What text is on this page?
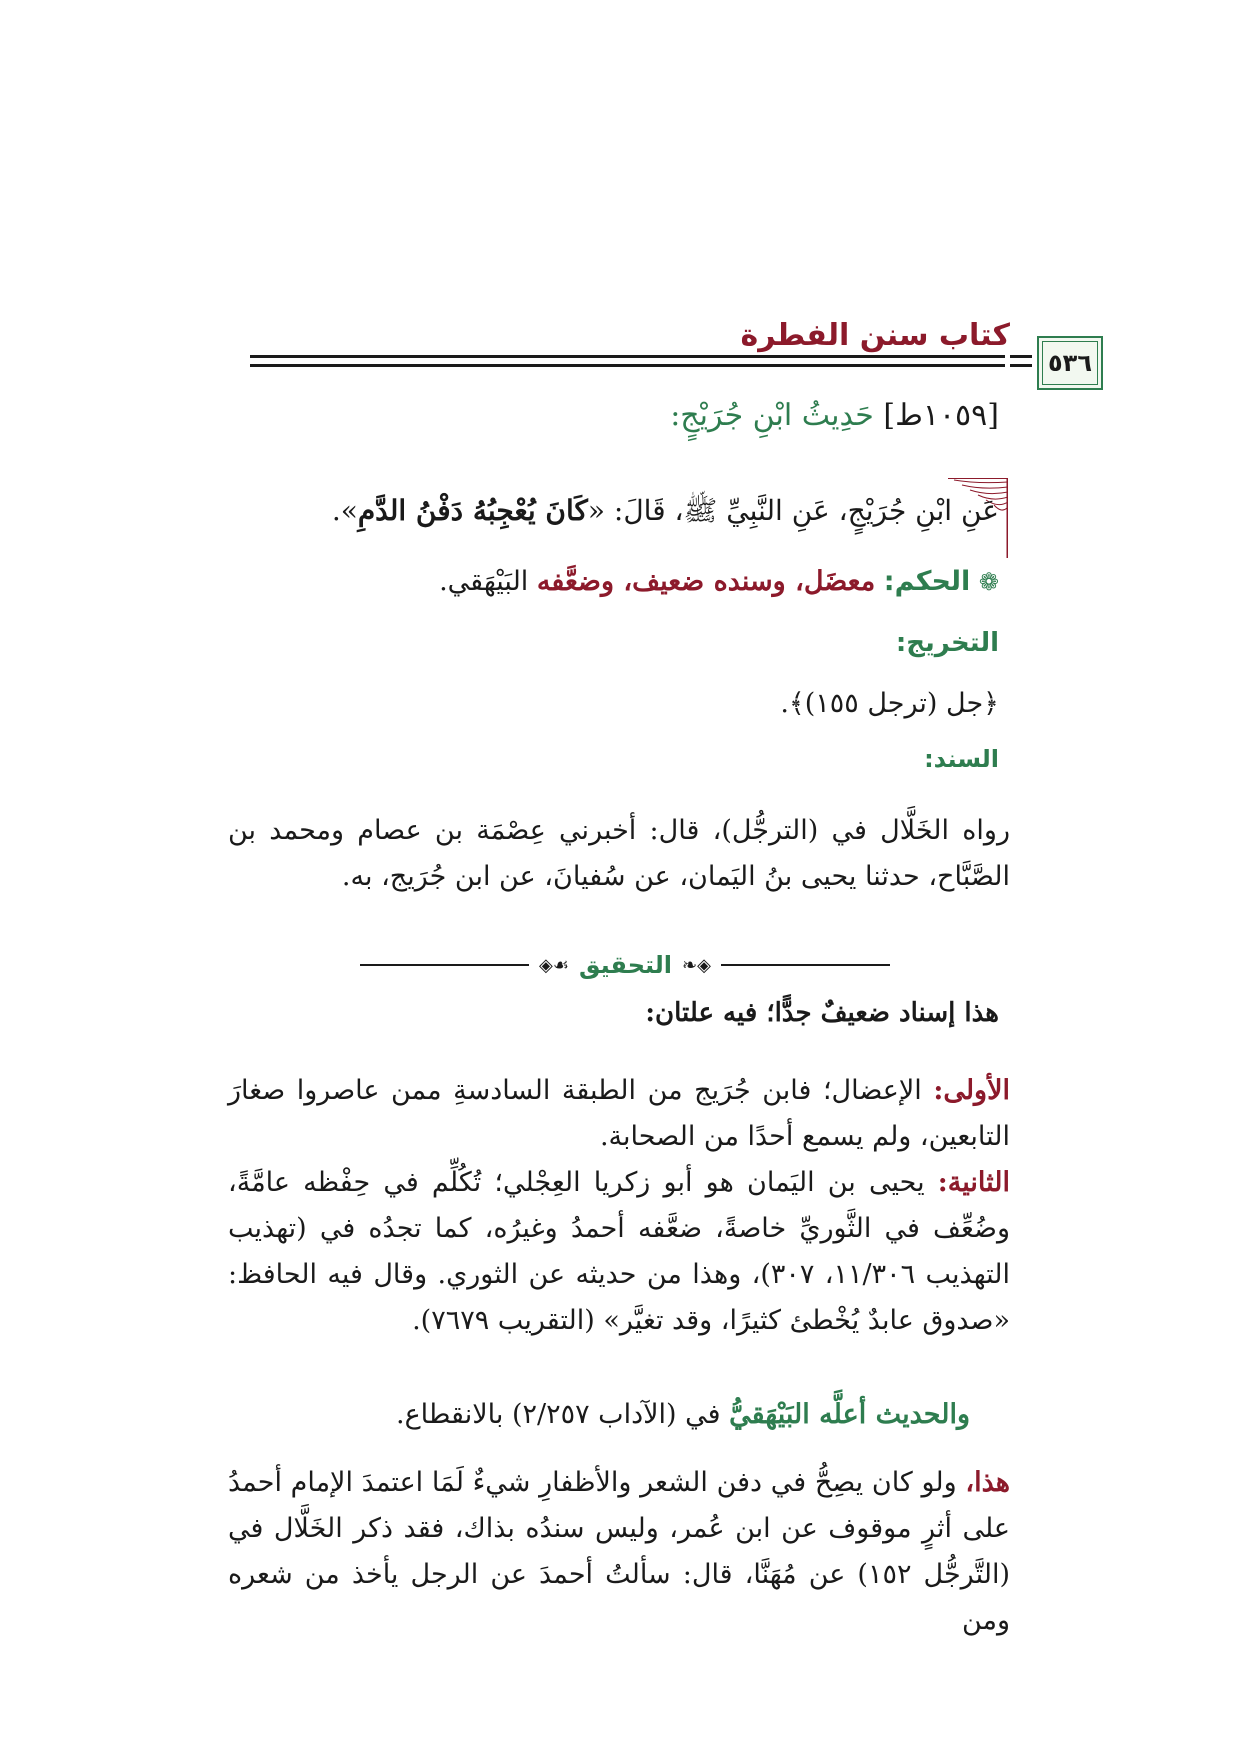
كتاب سنن الفطرة
٥٣٦
[١٠٥٩ط] حَدِيثُ ابْنِ جُرَيْجٍ:
عَنِ ابْنِ جُرَيْجٍ، عَنِ النَّبِيِّ ﷺ، قَالَ: «كَانَ يُعْجِبُهُ دَفْنُ الدَّمِ».
❁ الحكم: معضَل، وسنده ضعيف، وضعَّفه البَيْهَقي.
التخريج:
﴿جل (ترجل ١٥٥)﴾.
السند:
رواه الخَلَّال في (الترجُّل)، قال: أخبرني عِصْمَة بن عصام ومحمد بن الصَّبَّاح، حدثنا يحيى بنُ اليَمان، عن سُفيانَ، عن ابن جُرَيج، به.
◈❧
التحقيق
☙◈
هذا إسناد ضعيفٌ جدًّا؛ فيه علتان:
الأولى: الإعضال؛ فابن جُرَيج من الطبقة السادسةِ ممن عاصروا صغارَ التابعين، ولم يسمع أحدًا من الصحابة.
الثانية: يحيى بن اليَمان هو أبو زكريا العِجْلي؛ تُكُلِّم في حِفْظه عامَّةً، وضُعِّف في الثَّوريِّ خاصةً، ضعَّفه أحمدُ وغيرُه، كما تجدُه في (تهذيب التهذيب ١١/٣٠٦، ٣٠٧)، وهذا من حديثه عن الثوري. وقال فيه الحافظ: «صدوق عابدٌ يُخْطئ كثيرًا، وقد تغيَّر» (التقريب ٧٦٧٩).
والحديث أعلَّه البَيْهَقيُّ في (الآداب ٢/٢٥٧) بالانقطاع.
هذا، ولو كان يصِحُّ في دفن الشعر والأظفارِ شيءٌ لَمَا اعتمدَ الإمام أحمدُ على أثرٍ موقوف عن ابن عُمر، وليس سندُه بذاك، فقد ذكر الخَلَّال في (التَّرجُّل ١٥٢) عن مُهَنَّا، قال: سألتُ أحمدَ عن الرجل يأخذ من شعره ومن
